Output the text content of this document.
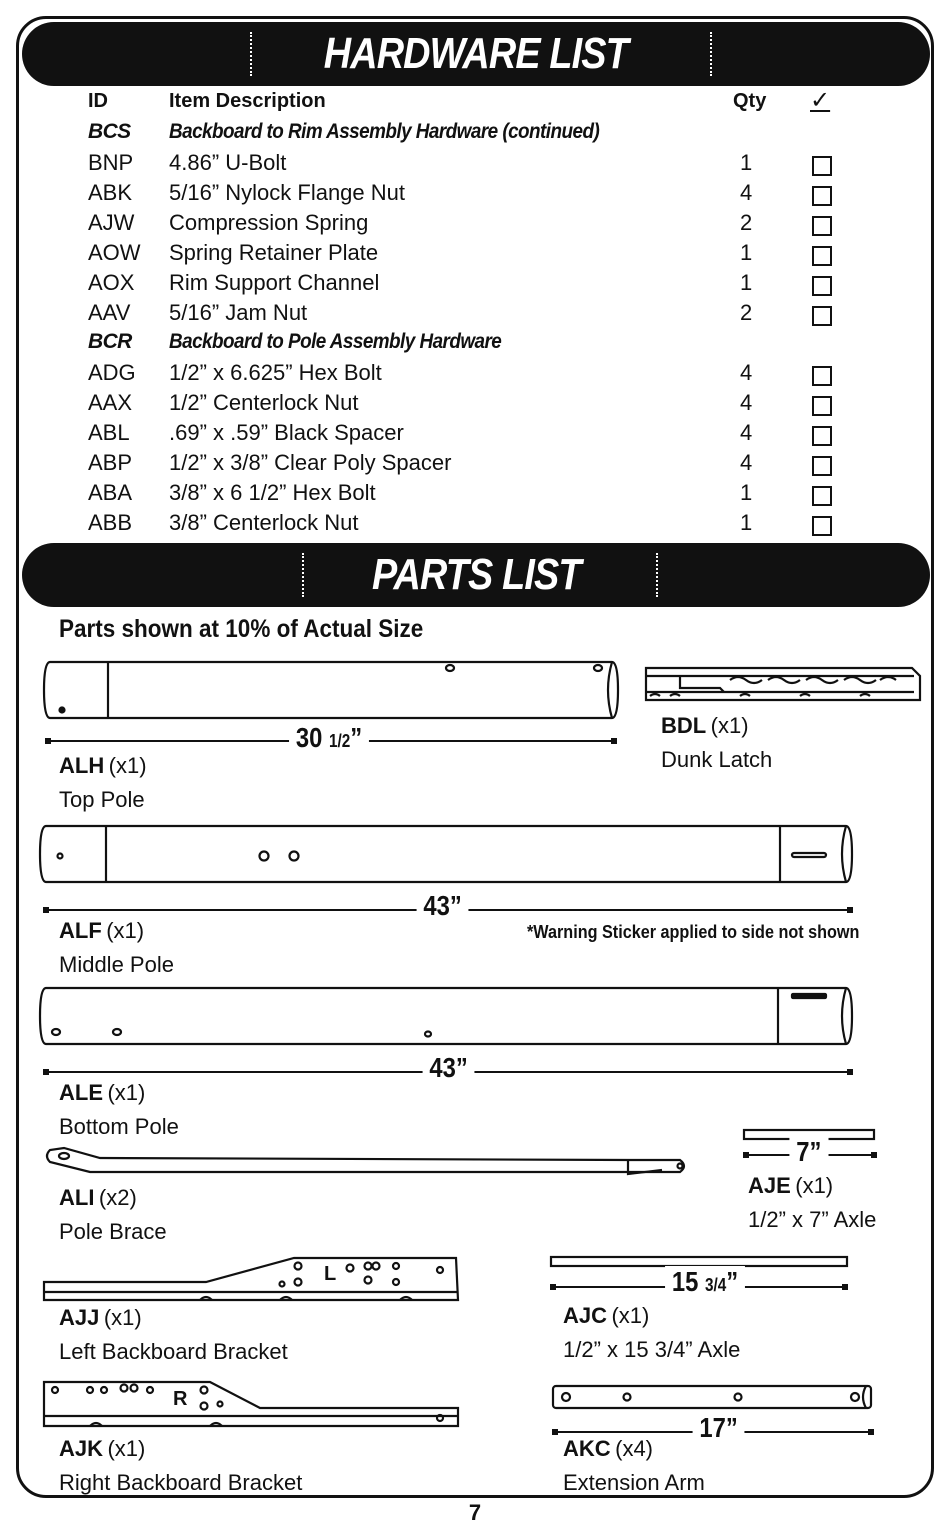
HARDWARE LIST
ID	Item Description	Qty ✓
BCS Backboard to Rim Assembly Hardware (continued)
BNP 4.86” U-Bolt	1
ABK 5/16” Nylock Flange Nut	4
AJW Compression Spring	2
AOW Spring Retainer Plate	1
AOX Rim Support Channel	1
AAV 5/16” Jam Nut	2
BCR Backboard to Pole Assembly Hardware
ADG 1/2” x 6.625” Hex Bolt	4
AAX 1/2” Centerlock Nut	4
ABL .69” x .59” Black Spacer	4
ABP 1/2” x 3/8” Clear Poly Spacer	4
ABA 3/8” x 6 1/2” Hex Bolt	1
ABB 3/8” Centerlock Nut	1
PARTS LIST
Parts shown at 10% of Actual Size
L
R
30 1/2”
43”
43”
7”
15 3/4”
17”
*Warning Sticker applied to side not shown
ALH (x1)
Top Pole
BDL (x1)
Dunk Latch
ALF (x1)
Middle Pole
ALE (x1)
Bottom Pole
ALI (x2)
Pole Brace
AJE (x1)
1/2” x 7” Axle
AJJ (x1)
Left Backboard Bracket
AJC (x1)
1/2” x 15 3/4” Axle
AJK (x1)
Right Backboard Bracket
AKC (x4)
Extension Arm
7
